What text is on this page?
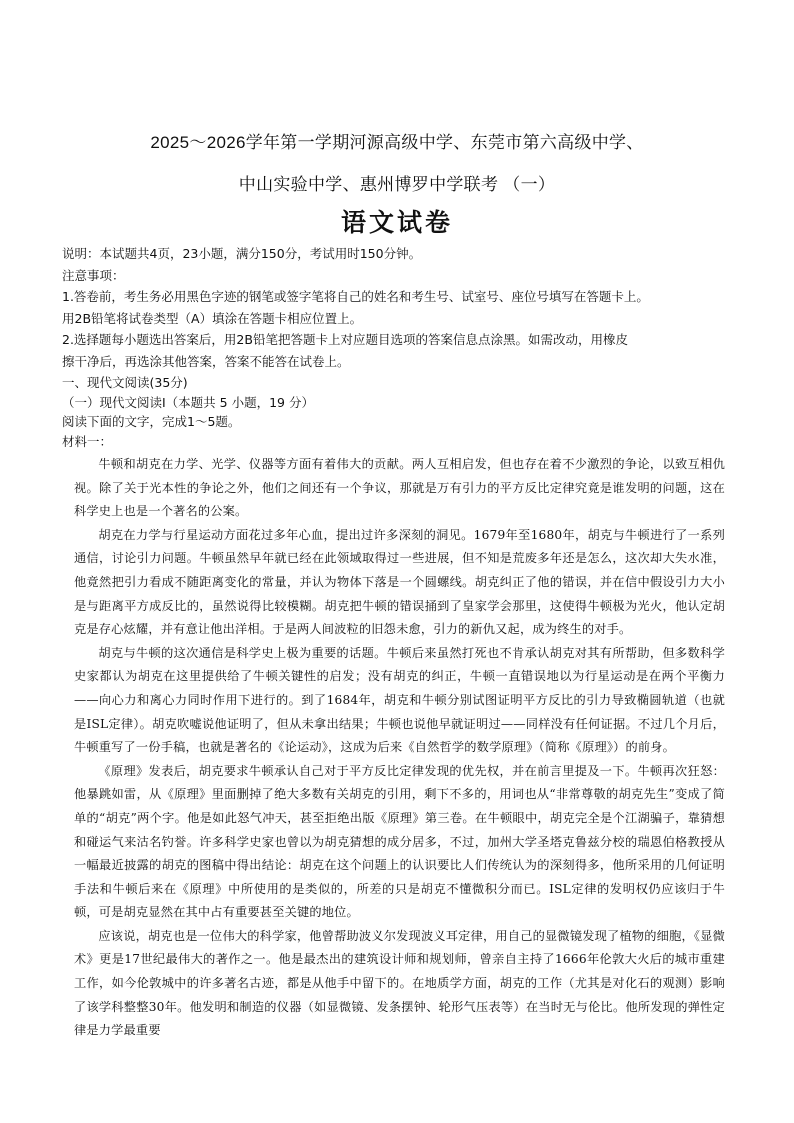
2025～2026学年第一学期河源高级中学、东莞市第六高级中学、
中山实验中学、惠州博罗中学联考 （一）
语文试卷
说明：本试题共4页，23小题，满分150分，考试用时150分钟。
注意事项：
1.答卷前，考生务必用黑色字迹的钢笔或签字笔将自己的姓名和考生号、试室号、座位号填写在答题卡上。
用2B铅笔将试卷类型（A）填涂在答题卡相应位置上。
2.选择题每小题选出答案后，用2B铅笔把答题卡上对应题目选项的答案信息点涂黑。如需改动，用橡皮
擦干净后，再选涂其他答案，答案不能答在试卷上。
一、现代文阅读(35分)
（一）现代文阅读Ⅰ（本题共 5 小题，19 分）
阅读下面的文字，完成1～5题。
材料一：

牛顿和胡克在力学、光学、仪器等方面有着伟大的贡献。两人互相启发，但也存在着不少激烈的争论，以致互相仇视。除了关于光本性的争论之外，他们之间还有一个争议，那就是万有引力的平方反比定律究竟是谁发明的问题，这在科学史上也是一个著名的公案。

胡克在力学与行星运动方面花过多年心血，提出过许多深刻的洞见。1679年至1680年，胡克与牛顿进行了一系列通信，讨论引力问题。牛顿虽然早年就已经在此领域取得过一些进展，但不知是荒废多年还是怎么，这次却大失水准，他竟然把引力看成不随距离变化的常量，并认为物体下落是一个圆螺线。胡克纠正了他的错误，并在信中假设引力大小是与距离平方成反比的，虽然说得比较模糊。胡克把牛顿的错误捅到了皇家学会那里，这使得牛顿极为光火，他认定胡克是存心炫耀，并有意让他出洋相。于是两人间波粒的旧怨未愈，引力的新仇又起，成为终生的对手。

胡克与牛顿的这次通信是科学史上极为重要的话题。牛顿后来虽然打死也不肯承认胡克对其有所帮助，但多数科学史家都认为胡克在这里提供给了牛顿关键性的启发；没有胡克的纠正，牛顿一直错误地以为行星运动是在两个平衡力——向心力和离心力同时作用下进行的。到了1684年，胡克和牛顿分别试图证明平方反比的引力导致椭圆轨道（也就是ISL定律）。胡克吹嘘说他证明了，但从未拿出结果；牛顿也说他早就证明过——同样没有任何证据。不过几个月后，牛顿重写了一份手稿，也就是著名的《论运动》，这成为后来《自然哲学的数学原理》（简称《原理》）的前身。

《原理》发表后，胡克要求牛顿承认自己对于平方反比定律发现的优先权，并在前言里提及一下。牛顿再次狂怒：他暴跳如雷，从《原理》里面删掉了绝大多数有关胡克的引用，剩下不多的，用词也从“非常尊敬的胡克先生”变成了简单的“胡克”两个字。他是如此怒气冲天，甚至拒绝出版《原理》第三卷。在牛顿眼中，胡克完全是个江湖骗子，靠猜想和碰运气来沽名钓誉。许多科学史家也曾以为胡克猜想的成分居多，不过，加州大学圣塔克鲁兹分校的瑞恩伯格教授从一幅最近披露的胡克的图稿中得出结论：胡克在这个问题上的认识要比人们传统认为的深刻得多，他所采用的几何证明手法和牛顿后来在《原理》中所使用的是类似的，所差的只是胡克不懂微积分而已。ISL定律的发明权仍应该归于牛顿，可是胡克显然在其中占有重要甚至关键的地位。

应该说，胡克也是一位伟大的科学家，他曾帮助波义尔发现波义耳定律，用自己的显微镜发现了植物的细胞，《显微术》更是17世纪最伟大的著作之一。他是最杰出的建筑设计师和规划师，曾亲自主持了1666年伦敦大火后的城市重建工作，如今伦敦城中的许多著名古迹，都是从他手中留下的。在地质学方面，胡克的工作（尤其是对化石的观测）影响了该学科整整30年。他发明和制造的仪器（如显微镜、发条摆钟、轮形气压表等）在当时无与伦比。他所发现的弹性定律是力学最重要
